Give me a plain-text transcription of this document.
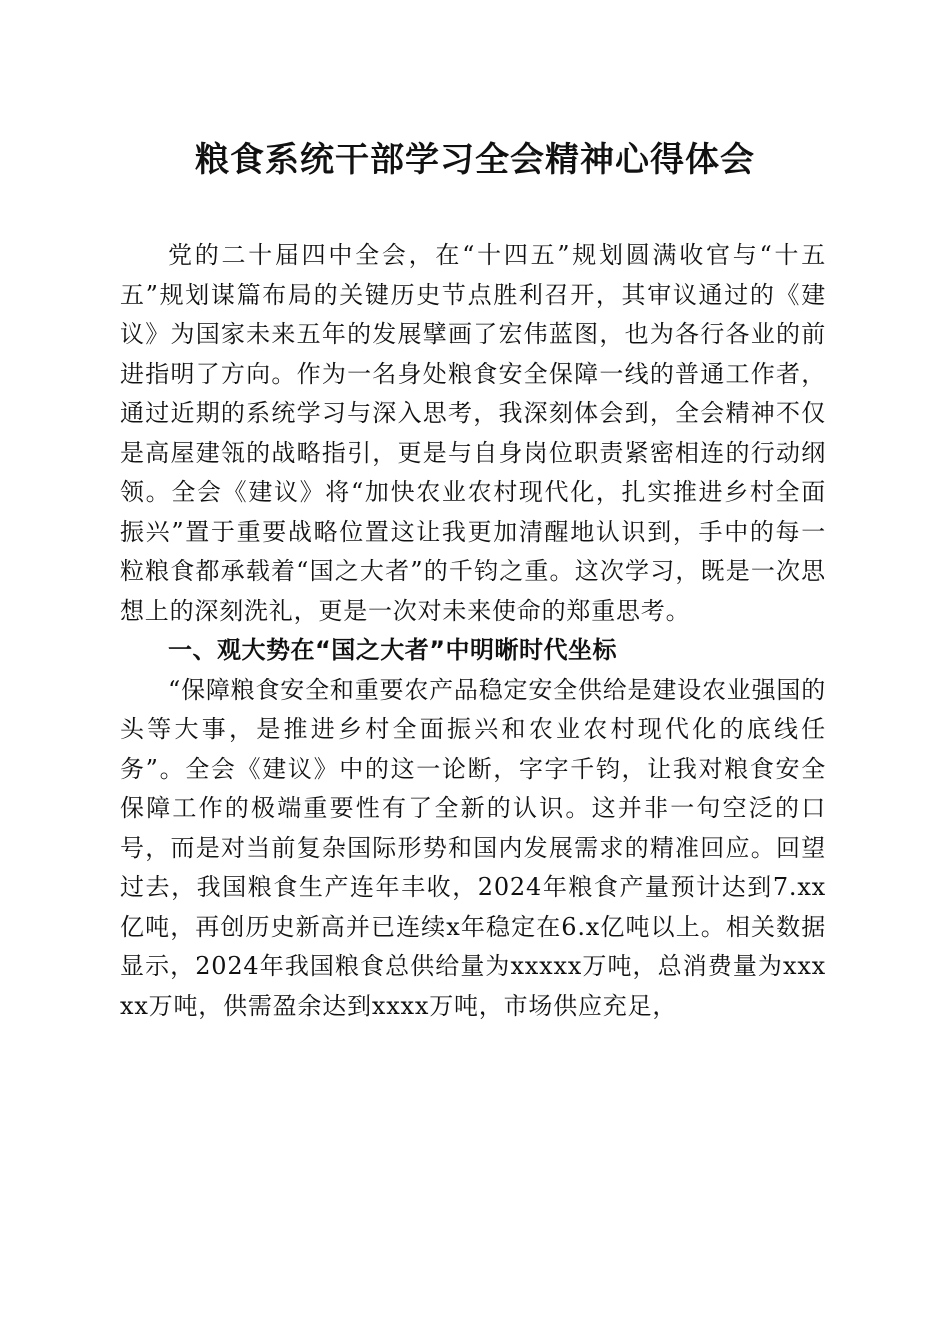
粮食系统干部学习全会精神心得体会

党的二十届四中全会，在“十四五”规划圆满收官与“十五五”规划谋篇布局的关键历史节点胜利召开，其审议通过的《建议》为国家未来五年的发展擘画了宏伟蓝图，也为各行各业的前进指明了方向。作为一名身处粮食安全保障一线的普通工作者，通过近期的系统学习与深入思考，我深刻体会到，全会精神不仅是高屋建瓴的战略指引，更是与自身岗位职责紧密相连的行动纲领。全会《建议》将“加快农业农村现代化，扎实推进乡村全面振兴”置于重要战略位置这让我更加清醒地认识到，手中的每一粒粮食都承载着“国之大者”的千钧之重。这次学习，既是一次思想上的深刻洗礼，更是一次对未来使命的郑重思考。

一、观大势在“国之大者”中明晰时代坐标

“保障粮食安全和重要农产品稳定安全供给是建设农业强国的头等大事，是推进乡村全面振兴和农业农村现代化的底线任务”。全会《建议》中的这一论断，字字千钧，让我对粮食安全保障工作的极端重要性有了全新的认识。这并非一句空泛的口号，而是对当前复杂国际形势和国内发展需求的精准回应。回望过去，我国粮食生产连年丰收，2024年粮食产量预计达到7.xx亿吨，再创历史新高并已连续x年稳定在6.x亿吨以上。相关数据显示，2024年我国粮食总供给量为xxxxx万吨，总消费量为xxxxx万吨，供需盈余达到xxxx万吨，市场供应充足，
